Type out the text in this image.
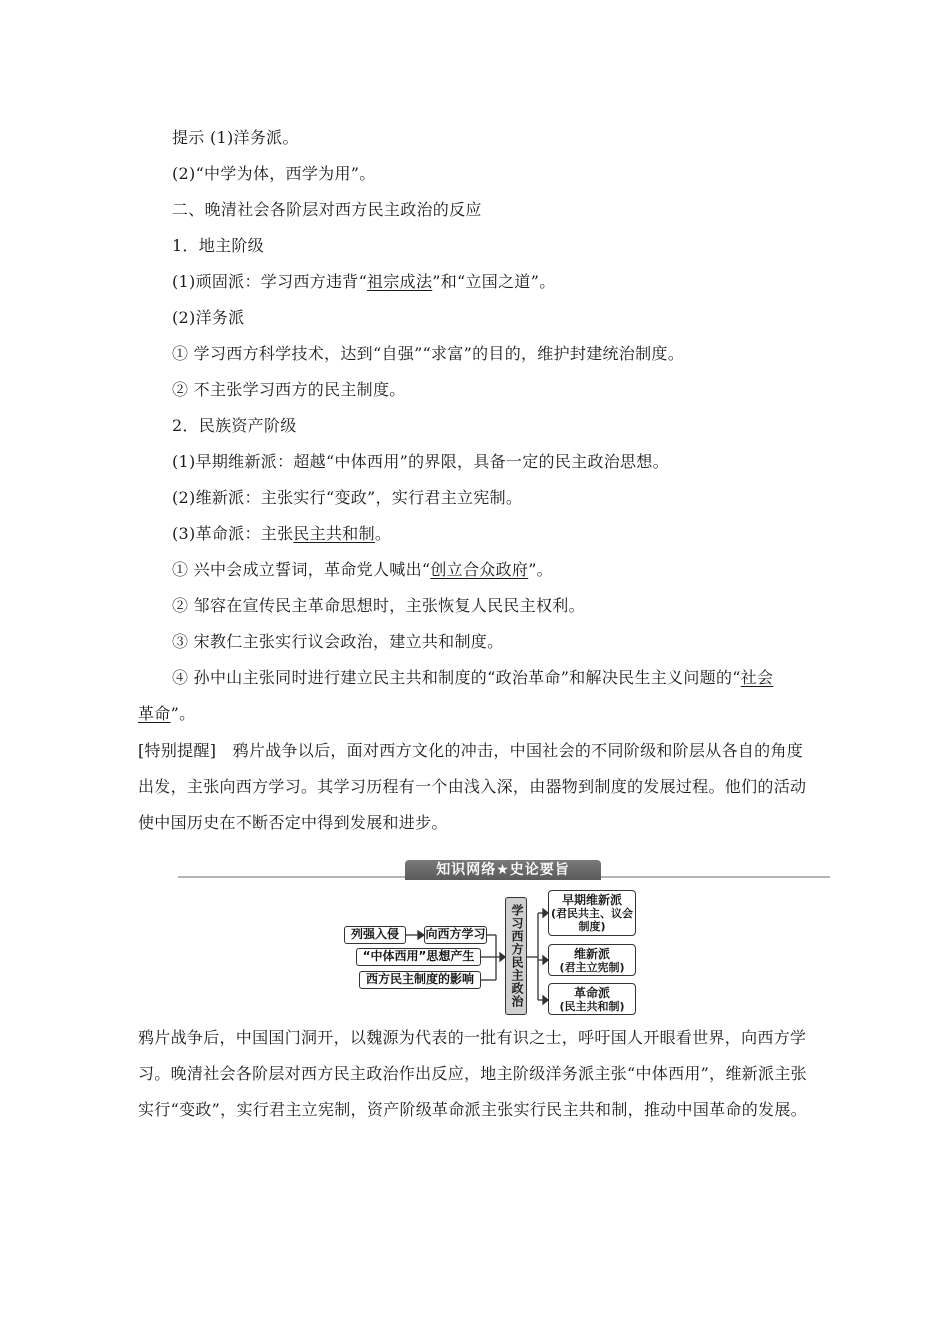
提示 (1)洋务派。
(2)“中学为体，西学为用”。
二、晚清社会各阶层对西方民主政治的反应
1．地主阶级
(1)顽固派：学习西方违背“祖宗成法”和“立国之道”。
(2)洋务派
① 学习西方科学技术，达到“自强”“求富”的目的，维护封建统治制度。
② 不主张学习西方的民主制度。
2．民族资产阶级
(1)早期维新派：超越“中体西用”的界限，具备一定的民主政治思想。
(2)维新派：主张实行“变政”，实行君主立宪制。
(3)革命派：主张民主共和制。
① 兴中会成立誓词，革命党人喊出“创立合众政府”。
② 邹容在宣传民主革命思想时，主张恢复人民民主权利。
③ 宋教仁主张实行议会政治，建立共和制度。
④ 孙中山主张同时进行建立民主共和制度的“政治革命”和解决民生主义问题的“社会
革命”。
[特别提醒]　鸦片战争以后，面对西方文化的冲击，中国社会的不同阶级和阶层从各自的角度出发，主张向西方学习。其学习历程有一个由浅入深，由器物到制度的发展过程。他们的活动使中国历史在不断否定中得到发展和进步。
知识网络★史论要旨
列强入侵	向西方学习
“中体西用”思想产生
西方民主制度的影响	学习西方民主政治
早期维新派
(君民共主、议会制度)
维新派
(君主立宪制)
革命派
(民主共和制)
鸦片战争后，中国国门洞开，以魏源为代表的一批有识之士，呼吁国人开眼看世界，向西方学习。晚清社会各阶层对西方民主政治作出反应，地主阶级洋务派主张“中体西用”，维新派主张实行“变政”，实行君主立宪制，资产阶级革命派主张实行民主共和制，推动中国革命的发展。
